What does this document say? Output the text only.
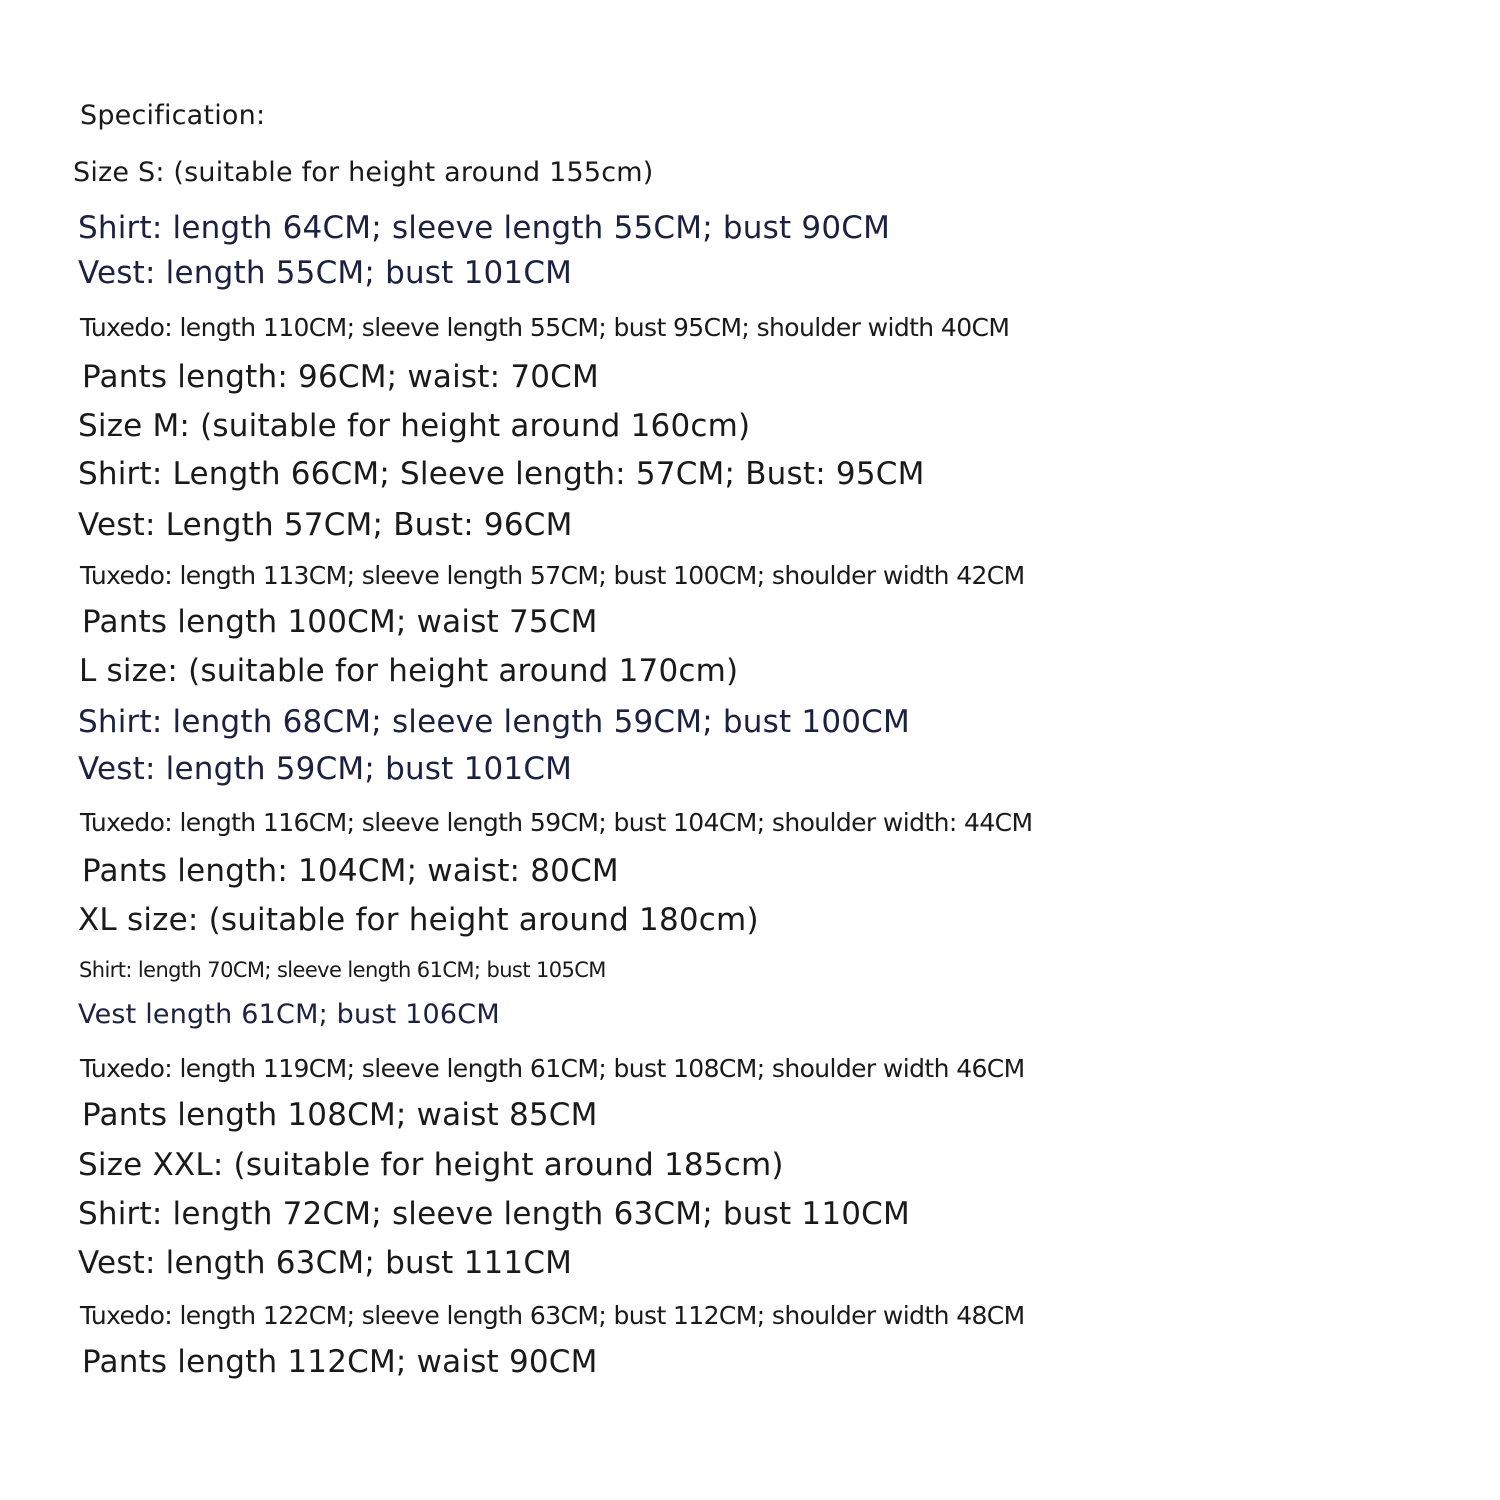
Specification:
Size S: (suitable for height around 155cm)
Shirt: length 64CM; sleeve length 55CM; bust 90CM
Vest: length 55CM; bust 101CM
Tuxedo: length 110CM; sleeve length 55CM; bust 95CM; shoulder width 40CM
Pants length: 96CM; waist: 70CM
Size M: (suitable for height around 160cm)
Shirt: Length 66CM; Sleeve length: 57CM; Bust: 95CM
Vest: Length 57CM; Bust: 96CM
Tuxedo: length 113CM; sleeve length 57CM; bust 100CM; shoulder width 42CM
Pants length 100CM; waist 75CM
L size: (suitable for height around 170cm)
Shirt: length 68CM; sleeve length 59CM; bust 100CM
Vest: length 59CM; bust 101CM
Tuxedo: length 116CM; sleeve length 59CM; bust 104CM; shoulder width: 44CM
Pants length: 104CM; waist: 80CM
XL size: (suitable for height around 180cm)
Shirt: length 70CM; sleeve length 61CM; bust 105CM
Vest length 61CM; bust 106CM
Tuxedo: length 119CM; sleeve length 61CM; bust 108CM; shoulder width 46CM
Pants length 108CM; waist 85CM
Size XXL: (suitable for height around 185cm)
Shirt: length 72CM; sleeve length 63CM; bust 110CM
Vest: length 63CM; bust 111CM
Tuxedo: length 122CM; sleeve length 63CM; bust 112CM; shoulder width 48CM
Pants length 112CM; waist 90CM
